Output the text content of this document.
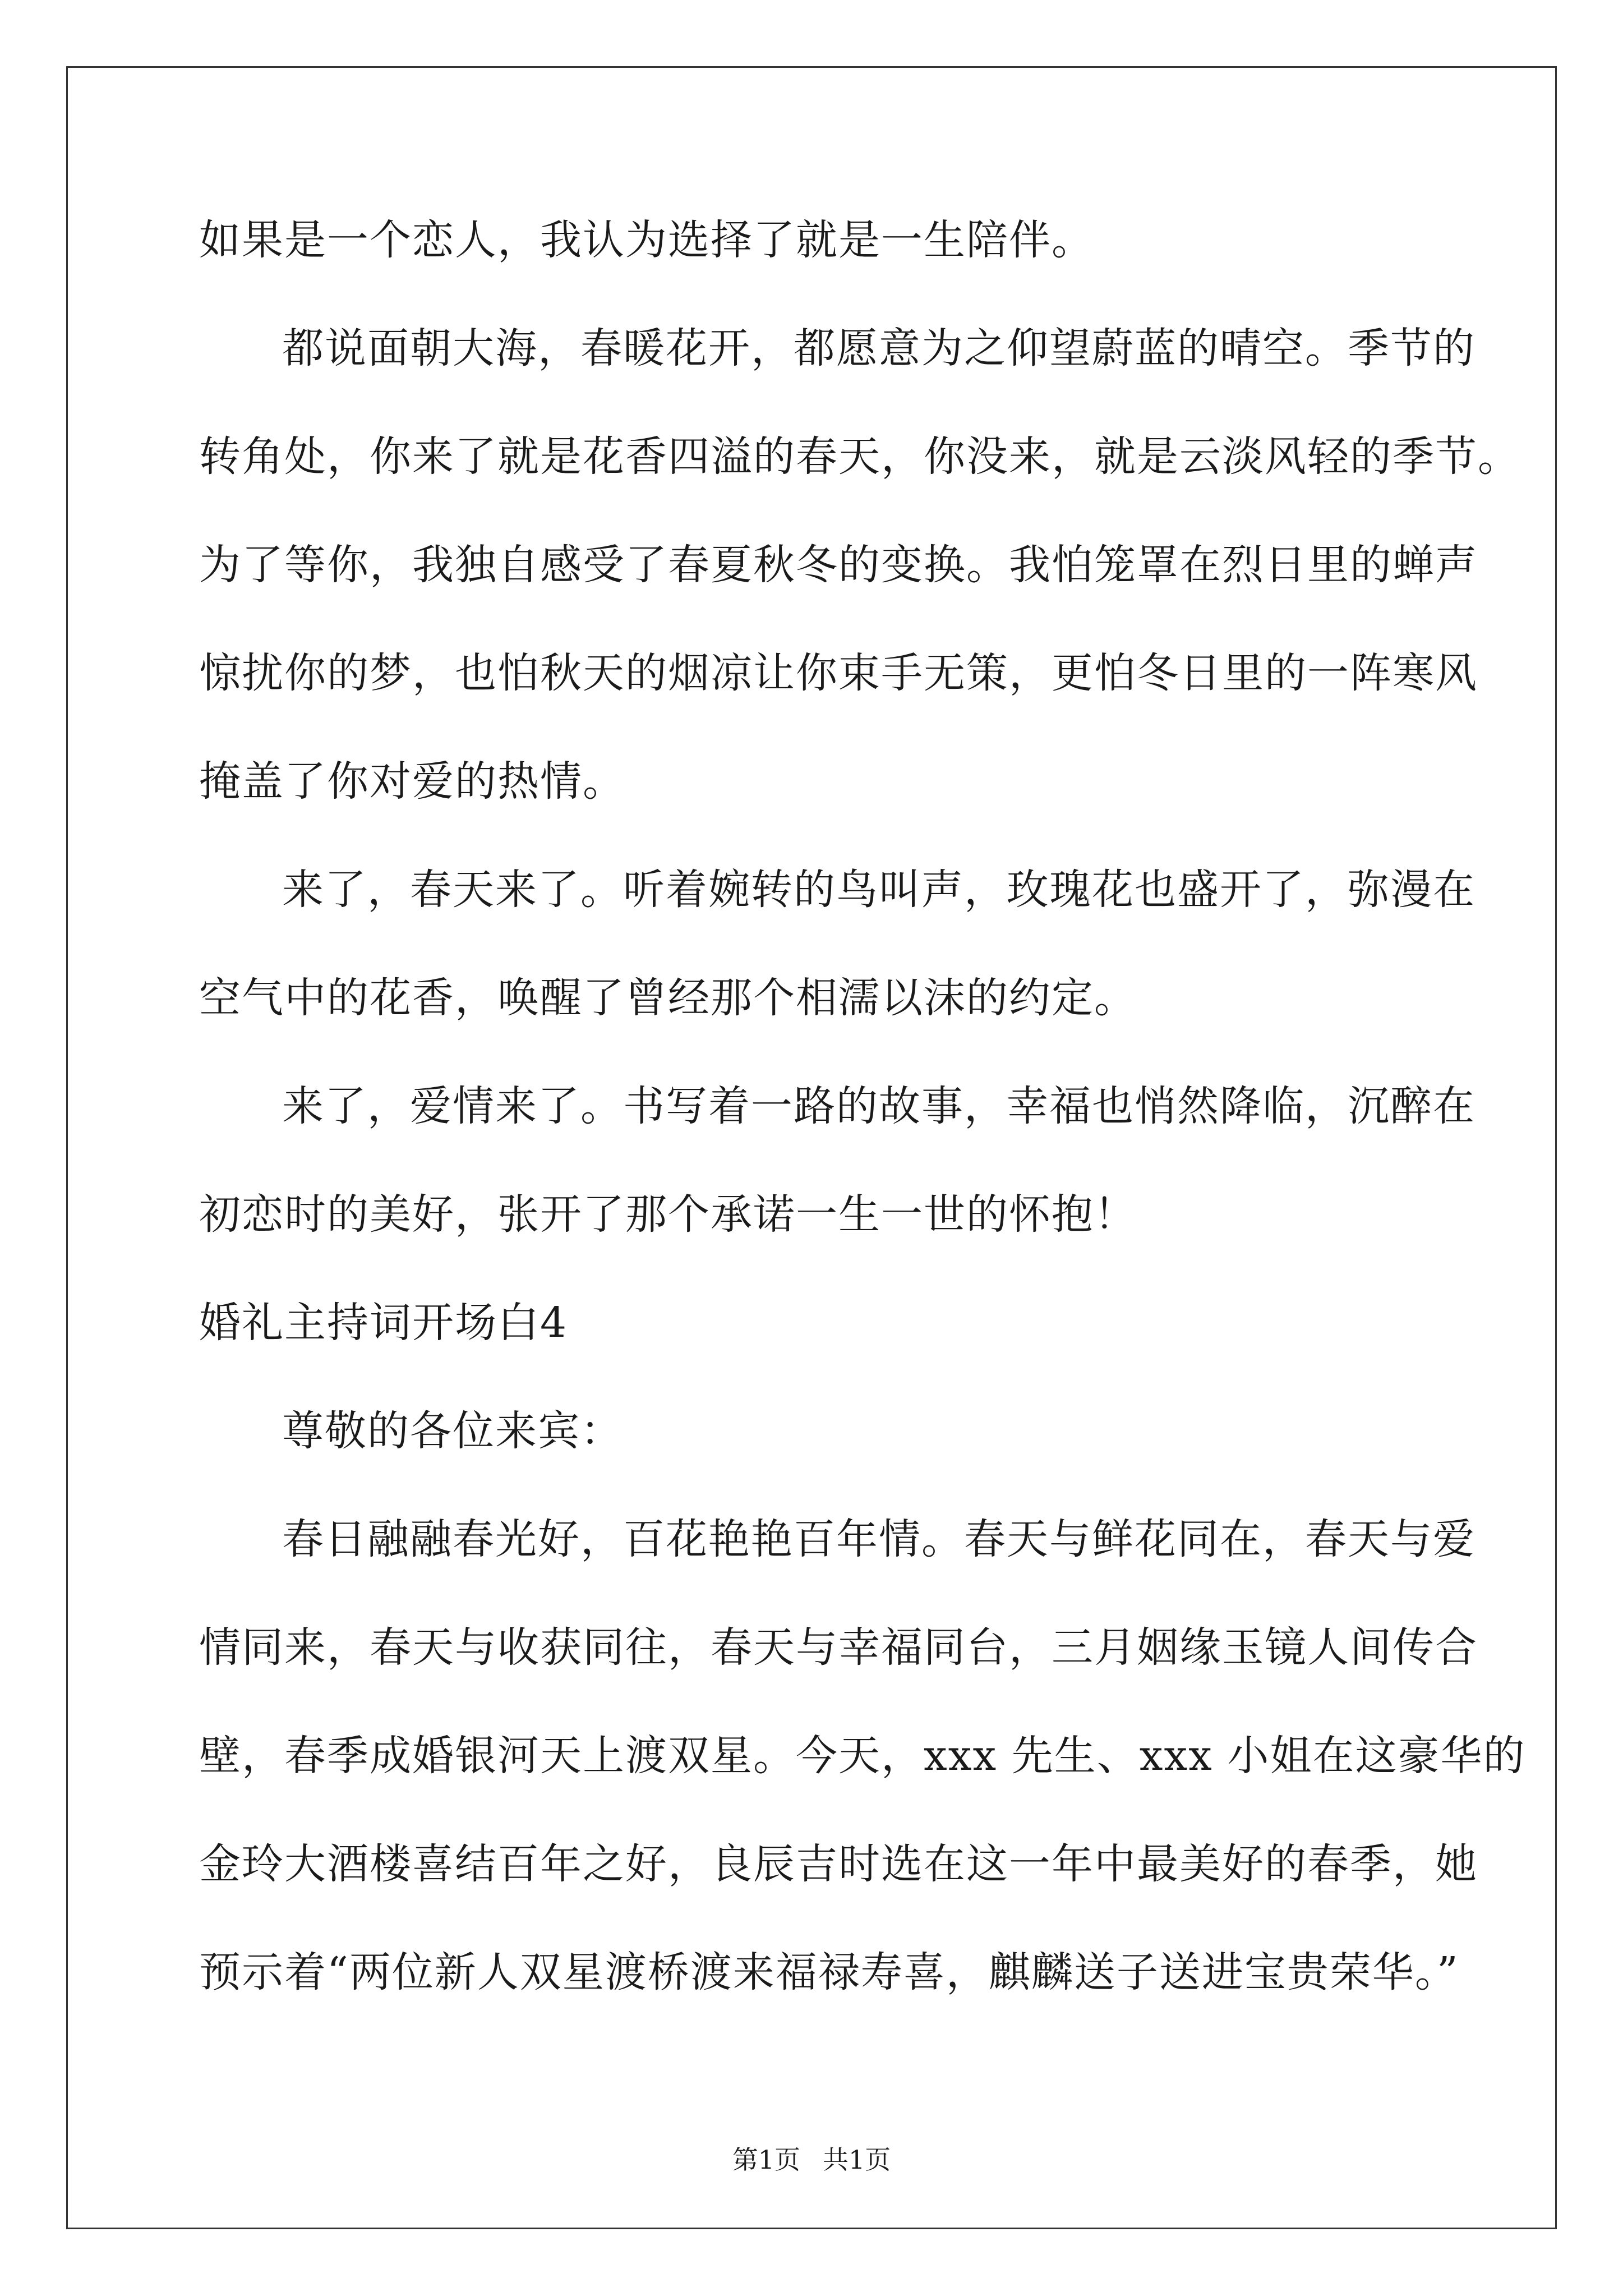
如果是一个恋人，我认为选择了就是一生陪伴。

都说面朝大海，春暖花开，都愿意为之仰望蔚蓝的晴空。季节的

转角处，你来了就是花香四溢的春天，你没来，就是云淡风轻的季节。

为了等你，我独自感受了春夏秋冬的变换。我怕笼罩在烈日里的蝉声

惊扰你的梦，也怕秋天的烟凉让你束手无策，更怕冬日里的一阵寒风

掩盖了你对爱的热情。

来了，春天来了。听着婉转的鸟叫声，玫瑰花也盛开了，弥漫在

空气中的花香，唤醒了曾经那个相濡以沫的约定。

来了，爱情来了。书写着一路的故事，幸福也悄然降临，沉醉在

初恋时的美好，张开了那个承诺一生一世的怀抱！

婚礼主持词开场白4

尊敬的各位来宾：

春日融融春光好，百花艳艳百年情。春天与鲜花同在，春天与爱

情同来，春天与收获同往，春天与幸福同台，三月姻缘玉镜人间传合

壁，春季成婚银河天上渡双星。今天，xxx 先生、xxx 小姐在这豪华的

金玲大酒楼喜结百年之好，良辰吉时选在这一年中最美好的春季，她

预示着“两位新人双星渡桥渡来福禄寿喜，麒麟送子送进宝贵荣华。”

第1页 共1页
